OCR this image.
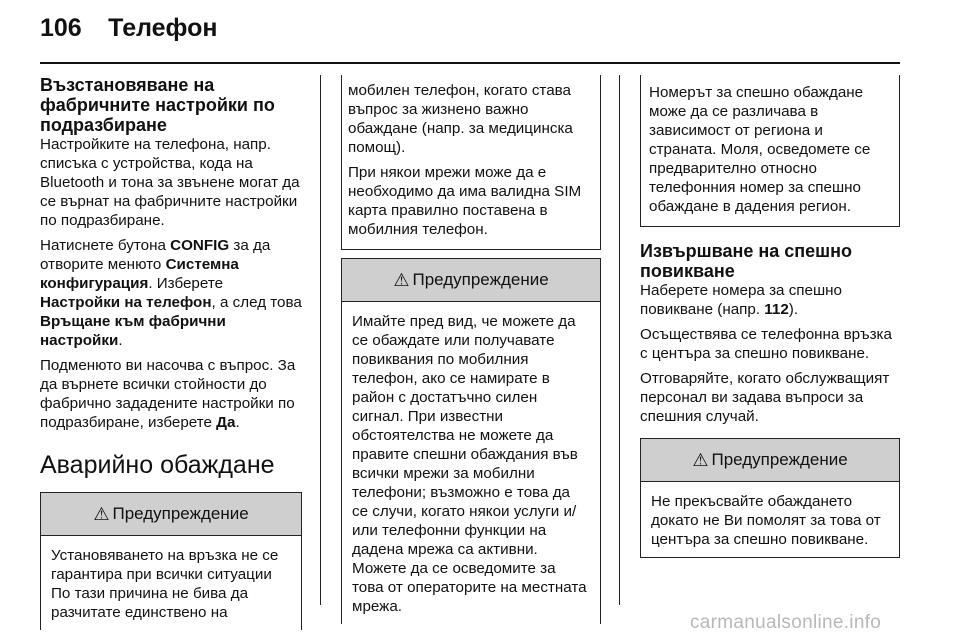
106 Телефон

Възстановяване на фабричните настройки по подразбиране

Настройките на телефона, напр. списъка с устройства, кода на Bluetooth и тона за звънене могат да се върнат на фабричните настройки по подразбиране.

Натиснете бутона CONFIG за да отворите менюто Системна конфигурация. Изберете Настройки на телефон, а след това Връщане към фабрични настройки.

Подменюто ви насочва с въпрос. За да върнете всички стойности до фабрично зададените настройки по подразбиране, изберете Да.

Аварийно обаждане

⚠ Предупреждение

Установяването на връзка не се гарантира при всички ситуации По тази причина не бива да разчитате единствено на

мобилен телефон, когато става въпрос за жизнено важно обаждане (напр. за медицинска помощ).

При някои мрежи може да е необходимо да има валидна SIM карта правилно поставена в мобилния телефон.

⚠ Предупреждение

Имайте пред вид, че можете да се обаждате или получавате повиквания по мобилния телефон, ако се намирате в район с достатъчно силен сигнал. При известни обстоятелства не можете да правите спешни обаждания във всички мрежи за мобилни телефони; възможно е това да се случи, когато някои услуги и/или телефонни функции на дадена мрежа са активни. Можете да се осведомите за това от операторите на местната мрежа.

Номерът за спешно обаждане може да се различава в зависимост от региона и страната. Моля, осведомете се предварително относно телефонния номер за спешно обаждане в дадения регион.

Извършване на спешно повикване

Наберете номера за спешно повикване (напр. 112).

Осъществява се телефонна връзка с центъра за спешно повикване.

Отговаряйте, когато обслужващият персонал ви задава въпроси за спешния случай.

⚠ Предупреждение

Не прекъсвайте обаждането докато не Ви помолят за това от центъра за спешно повикване.

carmanualsonline.info
